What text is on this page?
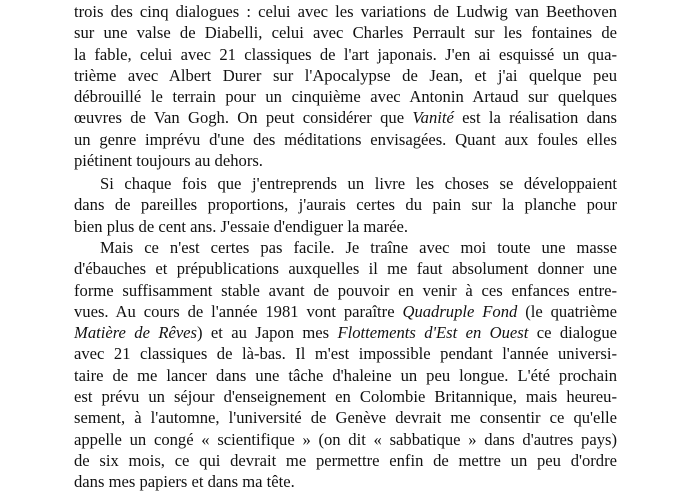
trois des cinq dialogues : celui avec les variations de Ludwig van Beethoven
sur une valse de Diabelli, celui avec Charles Perrault sur les fontaines de
la fable, celui avec 21 classiques de l'art japonais. J'en ai esquissé un qua-
trième avec Albert Durer sur l'Apocalypse de Jean, et j'ai quelque peu
débrouillé le terrain pour un cinquième avec Antonin Artaud sur quelques
œuvres de Van Gogh. On peut considérer que Vanité est la réalisation dans
un genre imprévu d'une des méditations envisagées. Quant aux foules elles
piétinent toujours au dehors.
Si chaque fois que j'entreprends un livre les choses se développaient
dans de pareilles proportions, j'aurais certes du pain sur la planche pour
bien plus de cent ans. J'essaie d'endiguer la marée.
Mais ce n'est certes pas facile. Je traîne avec moi toute une masse
d'ébauches et prépublications auxquelles il me faut absolument donner une
forme suffisamment stable avant de pouvoir en venir à ces enfances entre-
vues. Au cours de l'année 1981 vont paraître Quadruple Fond (le quatrième
Matière de Rêves) et au Japon mes Flottements d'Est en Ouest ce dialogue
avec 21 classiques de là-bas. Il m'est impossible pendant l'année universi-
taire de me lancer dans une tâche d'haleine un peu longue. L'été prochain
est prévu un séjour d'enseignement en Colombie Britannique, mais heureu-
sement, à l'automne, l'université de Genève devrait me consentir ce qu'elle
appelle un congé « scientifique » (on dit « sabbatique » dans d'autres pays)
de six mois, ce qui devrait me permettre enfin de mettre un peu d'ordre
dans mes papiers et dans ma tête.
